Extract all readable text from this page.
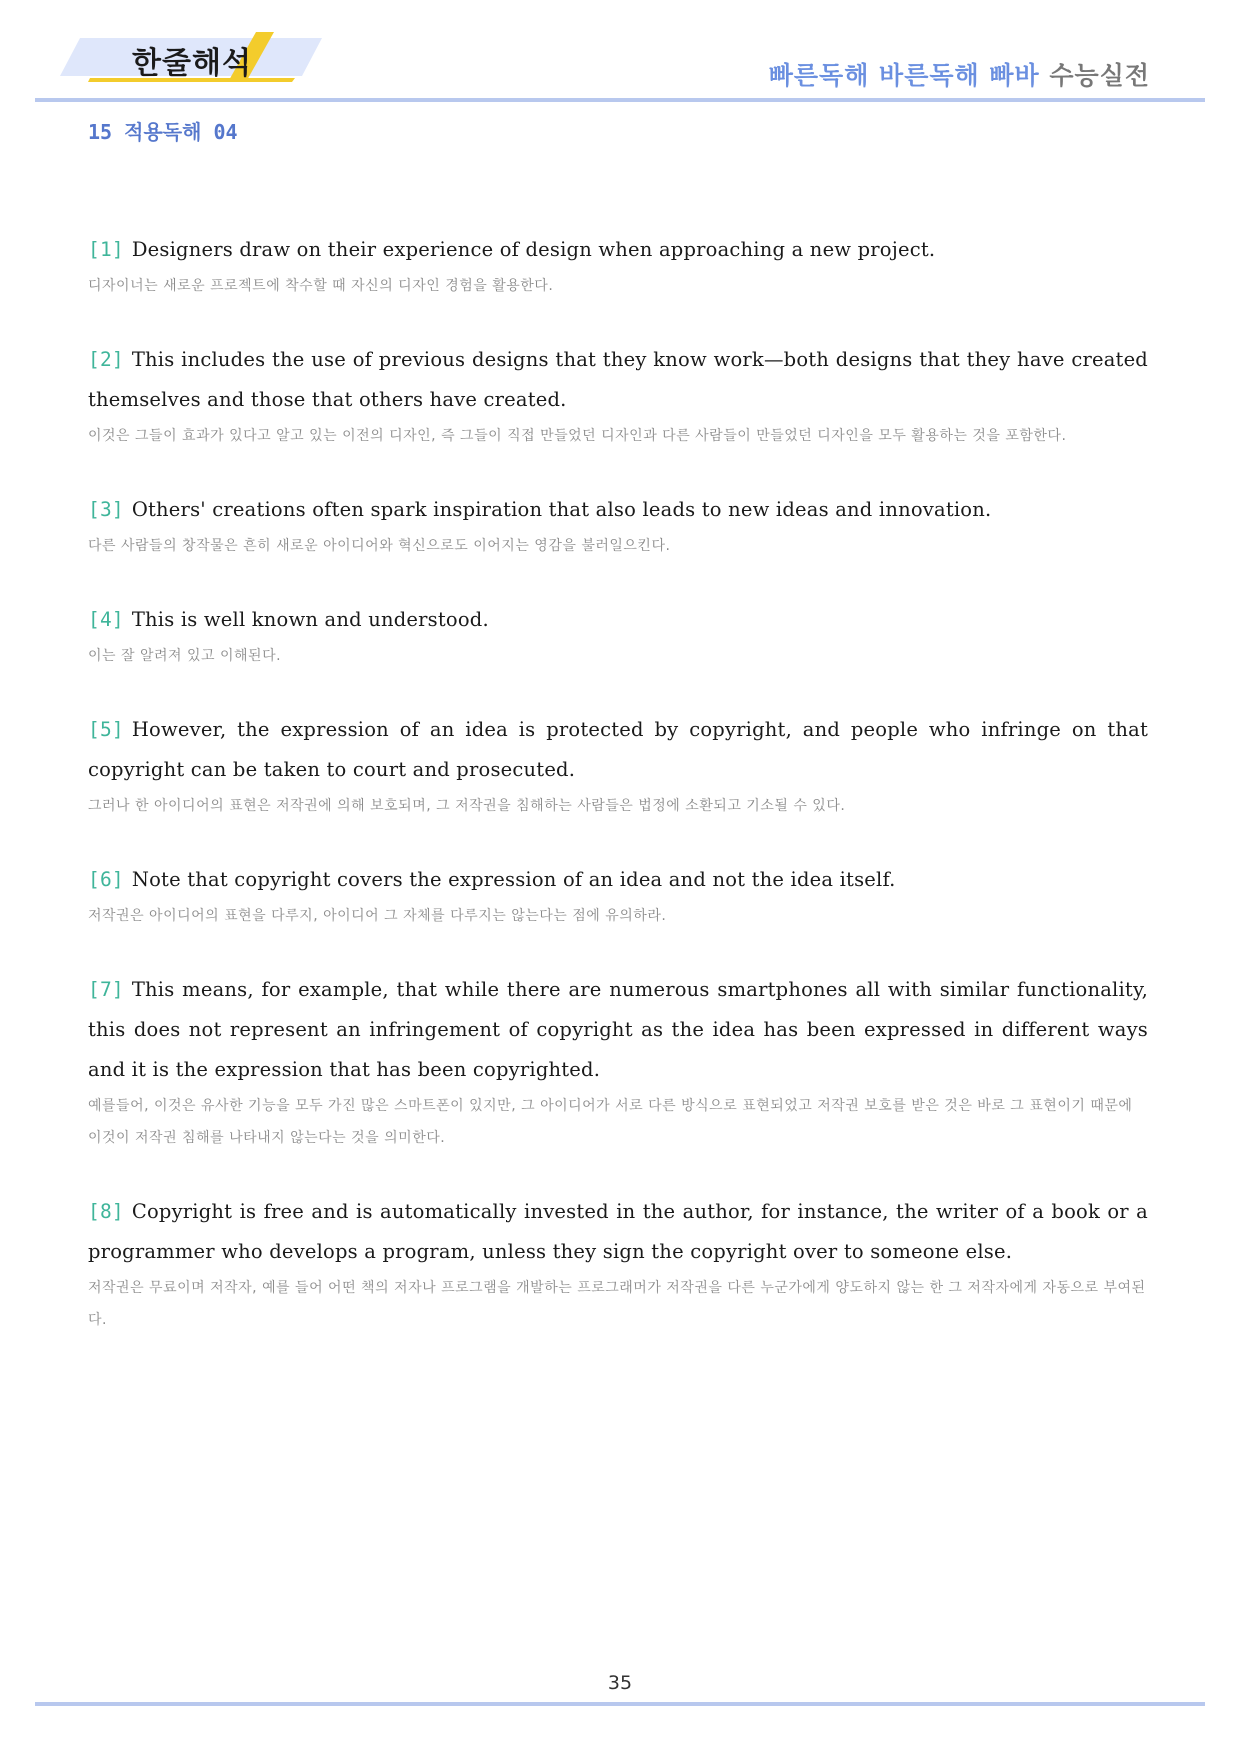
한줄해석	빠른독해 바른독해 빠바 수능실전
15 적용독해 04

[1] Designers draw on their experience of design when approaching a new project.

디자이너는 새로운 프로젝트에 착수할 때 자신의 디자인 경험을 활용한다.

[2] This includes the use of previous designs that they know work—both designs that they have created themselves and those that others have created.

이것은 그들이 효과가 있다고 알고 있는 이전의 디자인, 즉 그들이 직접 만들었던 디자인과 다른 사람들이 만들었던 디자인을 모두 활용하는 것을 포함한다.

[3] Others' creations often spark inspiration that also leads to new ideas and innovation.

다른 사람들의 창작물은 흔히 새로운 아이디어와 혁신으로도 이어지는 영감을 불러일으킨다.

[4] This is well known and understood.

이는 잘 알려져 있고 이해된다.

[5] However, the expression of an idea is protected by copyright, and people who infringe on that copyright can be taken to court and prosecuted.

그러나 한 아이디어의 표현은 저작권에 의해 보호되며, 그 저작권을 침해하는 사람들은 법정에 소환되고 기소될 수 있다.

[6] Note that copyright covers the expression of an idea and not the idea itself.

저작권은 아이디어의 표현을 다루지, 아이디어 그 자체를 다루지는 않는다는 점에 유의하라.

[7] This means, for example, that while there are numerous smartphones all with similar functionality, this does not represent an infringement of copyright as the idea has been expressed in different ways and it is the expression that has been copyrighted.

예를들어, 이것은 유사한 기능을 모두 가진 많은 스마트폰이 있지만, 그 아이디어가 서로 다른 방식으로 표현되었고 저작권 보호를 받은 것은 바로 그 표현이기 때문에 이것이 저작권 침해를 나타내지 않는다는 것을 의미한다.

[8] Copyright is free and is automatically invested in the author, for instance, the writer of a book or a programmer who develops a program, unless they sign the copyright over to someone else.

저작권은 무료이며 저작자, 예를 들어 어떤 책의 저자나 프로그램을 개발하는 프로그래머가 저작권을 다른 누군가에게 양도하지 않는 한 그 저작자에게 자동으로 부여된다.

35
